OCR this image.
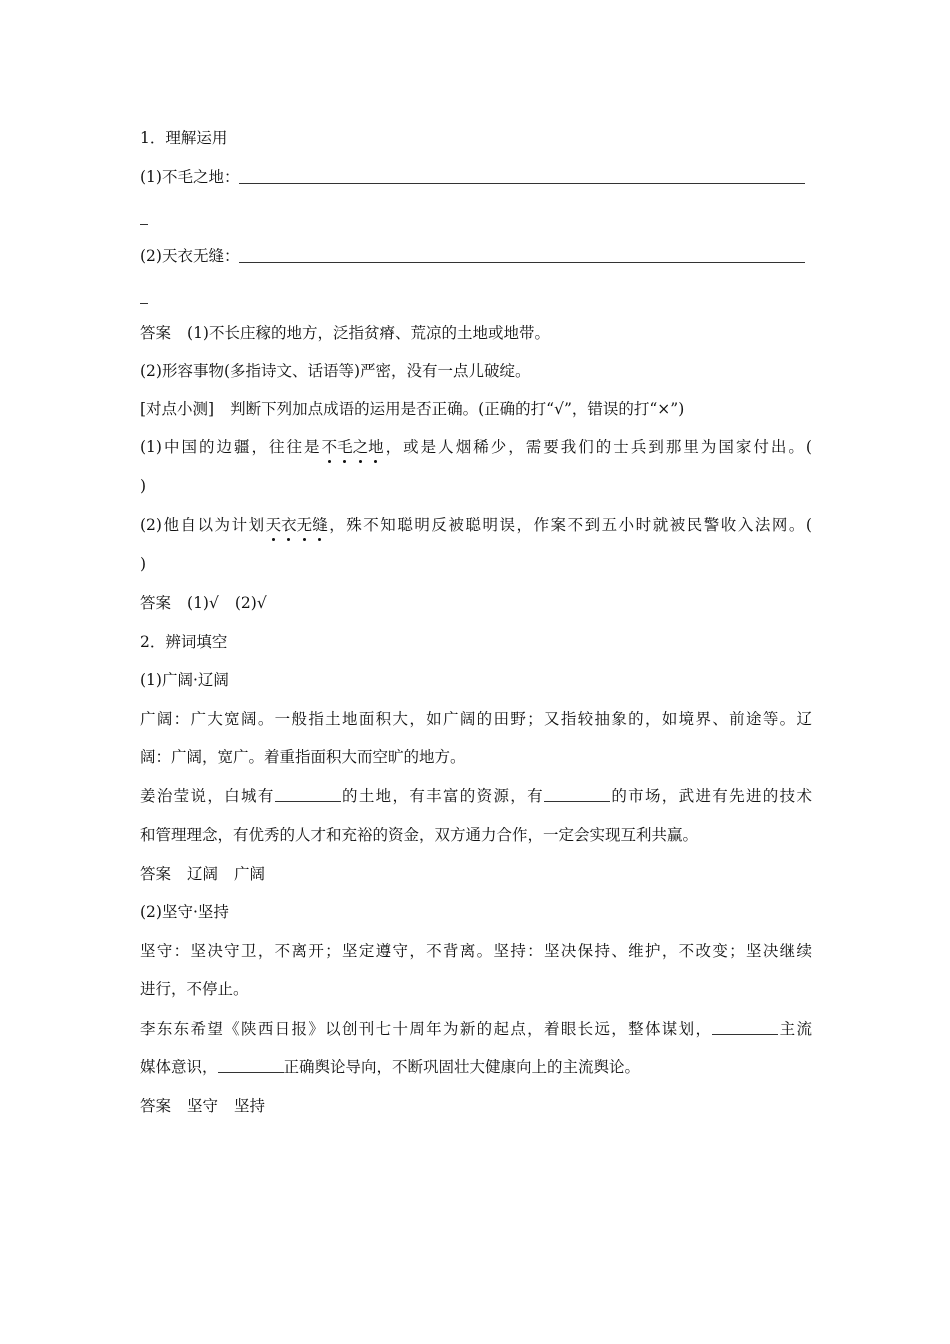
1．理解运用
(1)不毛之地：
(2)天衣无缝：
答案 (1)不长庄稼的地方，泛指贫瘠、荒凉的土地或地带。
(2)形容事物(多指诗文、话语等)严密，没有一点儿破绽。
[对点小测] 判断下列加点成语的运用是否正确。(正确的打“√”，错误的打“×”)
(1)中国的边疆，往往是不毛之地，或是人烟稀少，需要我们的士兵到那里为国家付出。(
)
(2)他自以为计划天衣无缝，殊不知聪明反被聪明误，作案不到五小时就被民警收入法网。(
)
答案 (1)√ (2)√
2．辨词填空
(1)广阔·辽阔
广阔：广大宽阔。一般指土地面积大，如广阔的田野；又指较抽象的，如境界、前途等。辽
阔：广阔，宽广。着重指面积大而空旷的地方。
姜治莹说，白城有	的土地，有丰富的资源，有	的市场，武进有先进的技术
和管理理念，有优秀的人才和充裕的资金，双方通力合作，一定会实现互利共赢。
答案 辽阔 广阔
(2)坚守·坚持
坚守：坚决守卫，不离开；坚定遵守，不背离。坚持：坚决保持、维护，不改变；坚决继续
进行，不停止。
李东东希望《陕西日报》以创刊七十周年为新的起点，着眼长远，整体谋划，	主流
媒体意识，	正确舆论导向，不断巩固壮大健康向上的主流舆论。
答案 坚守 坚持
